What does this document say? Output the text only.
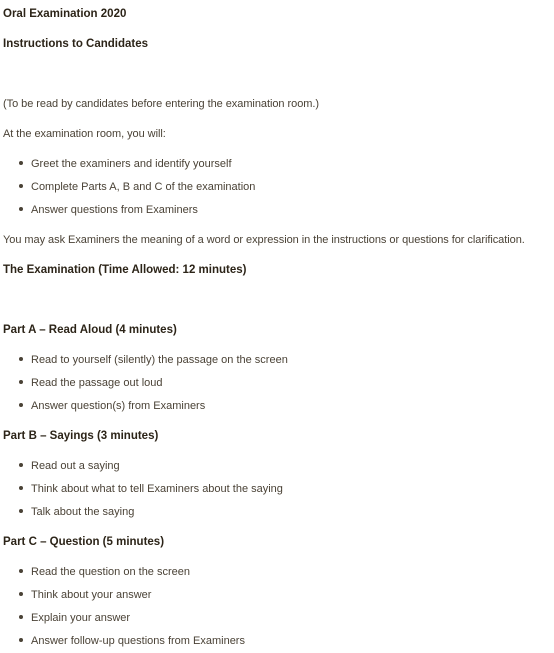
Oral Examination 2020
Instructions to Candidates
(To be read by candidates before entering the examination room.)
At the examination room, you will:
Greet the examiners and identify yourself
Complete Parts A, B and C of the examination
Answer questions from Examiners
You may ask Examiners the meaning of a word or expression in the instructions or questions for clarification.
The Examination (Time Allowed: 12 minutes)
Part A – Read Aloud (4 minutes)
Read to yourself (silently) the passage on the screen
Read the passage out loud
Answer question(s) from Examiners
Part B – Sayings (3 minutes)
Read out a saying
Think about what to tell Examiners about the saying
Talk about the saying
Part C – Question (5 minutes)
Read the question on the screen
Think about your answer
Explain your answer
Answer follow-up questions from Examiners
